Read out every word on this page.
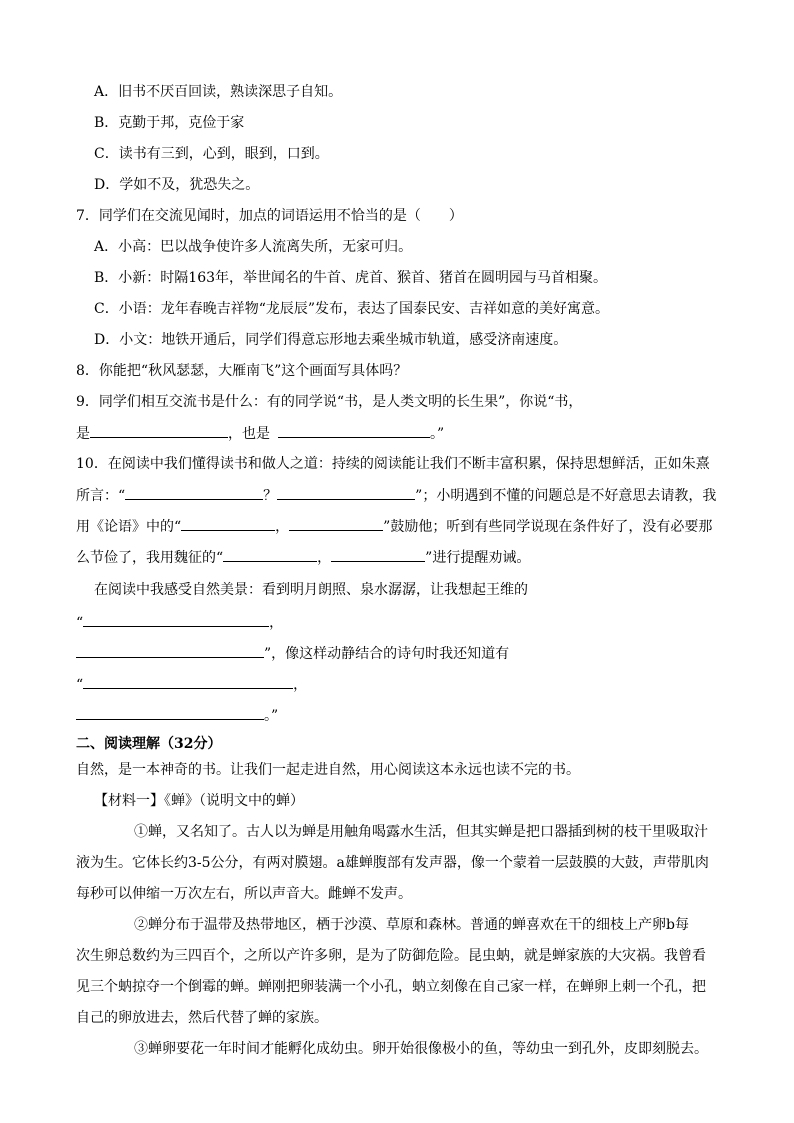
A．旧书不厌百回读，熟读深思子自知。
B．克勤于邦，克俭于家
C．读书有三到，心到，眼到，口到。
D．学如不及，犹恐失之。
7．同学们在交流见闻时，加点的词语运用不恰当的是（　　）
A．小高：巴以战争使许多人流离失所，无家可归。
B．小新：时隔163年，举世闻名的牛首、虎首、猴首、猪首在圆明园与马首相聚。
C．小语：龙年春晚吉祥物“龙辰辰”发布，表达了国泰民安、吉祥如意的美好寓意。
D．小文：地铁开通后，同学们得意忘形地去乘坐城市轨道，感受济南速度。
8．你能把“秋风瑟瑟，大雁南飞”这个画面写具体吗？
9．同学们相互交流书是什么：有的同学说“书，是人类文明的长生果”，你说“书，
是	，也是	。”
10．在阅读中我们懂得读书和做人之道：持续的阅读能让我们不断丰富积累，保持思想鲜活，正如朱熹
所言：“	？	”；小明遇到不懂的问题总是不好意思去请教，我
用《论语》中的“	，	”鼓励他；听到有些同学说现在条件好了，没有必要那
么节俭了，我用魏征的“	，	”进行提醒劝诫。
在阅读中我感受自然美景：看到明月朗照、泉水潺潺，让我想起王维的
“	，
”，像这样动静结合的诗句时我还知道有
“	，
。”
二、阅读理解（32分）
自然，是一本神奇的书。让我们一起走进自然，用心阅读这本永远也读不完的书。
【材料一】《蝉》（说明文中的蝉）
①蝉，又名知了。古人以为蝉是用触角喝露水生活，但其实蝉是把口器插到树的枝干里吸取汁
液为生。它体长约3-5公分，有两对膜翅。a雄蝉腹部有发声器，像一个蒙着一层鼓膜的大鼓，声带肌肉
每秒可以伸缩一万次左右，所以声音大。雌蝉不发声。
②蝉分布于温带及热带地区，栖于沙漠、草原和森林。普通的蝉喜欢在干的细枝上产卵b每
次生卵总数约为三四百个，之所以产许多卵，是为了防御危险。昆虫蚋，就是蝉家族的大灾祸。我曾看
见三个蚋掠夺一个倒霉的蝉。蝉刚把卵装满一个小孔，蚋立刻像在自己家一样，在蝉卵上刺一个孔，把
自己的卵放进去，然后代替了蝉的家族。
③蝉卵要花一年时间才能孵化成幼虫。卵开始很像极小的鱼，等幼虫一到孔外，皮即刻脱去。
